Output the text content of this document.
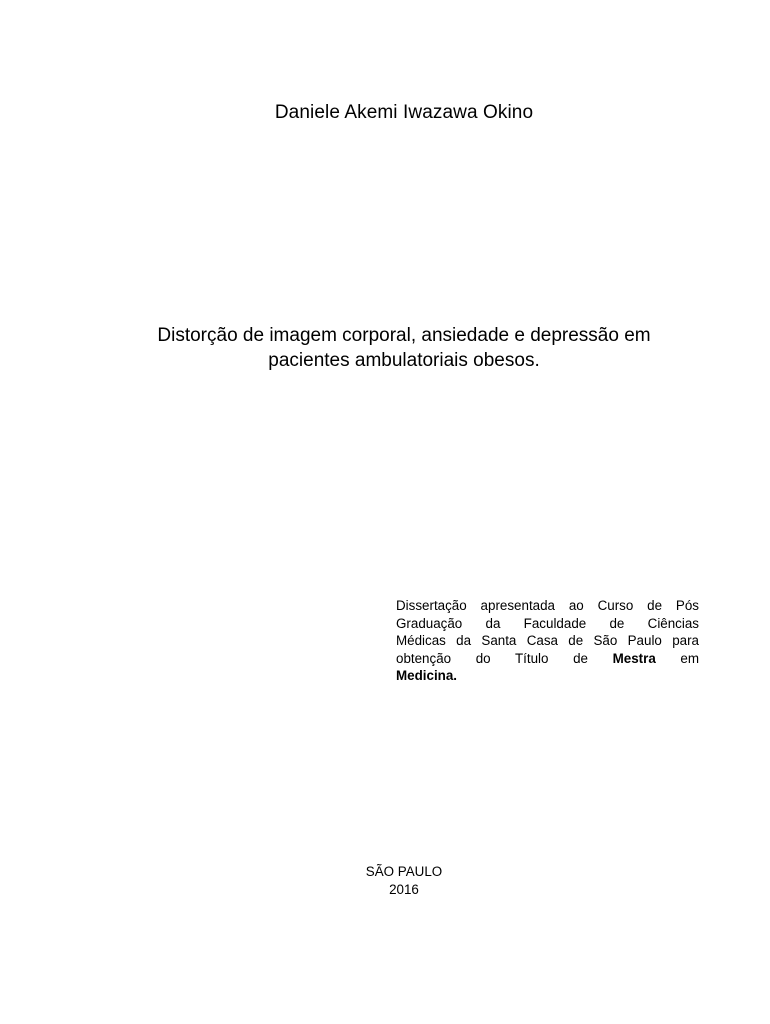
Daniele Akemi Iwazawa Okino
Distorção de imagem corporal, ansiedade e depressão em
pacientes ambulatoriais obesos.
Dissertação apresentada ao Curso de Pós
Graduação da Faculdade de Ciências
Médicas da Santa Casa de São Paulo para
obtenção do Título de Mestra em
Medicina.
SÃO PAULO
2016
